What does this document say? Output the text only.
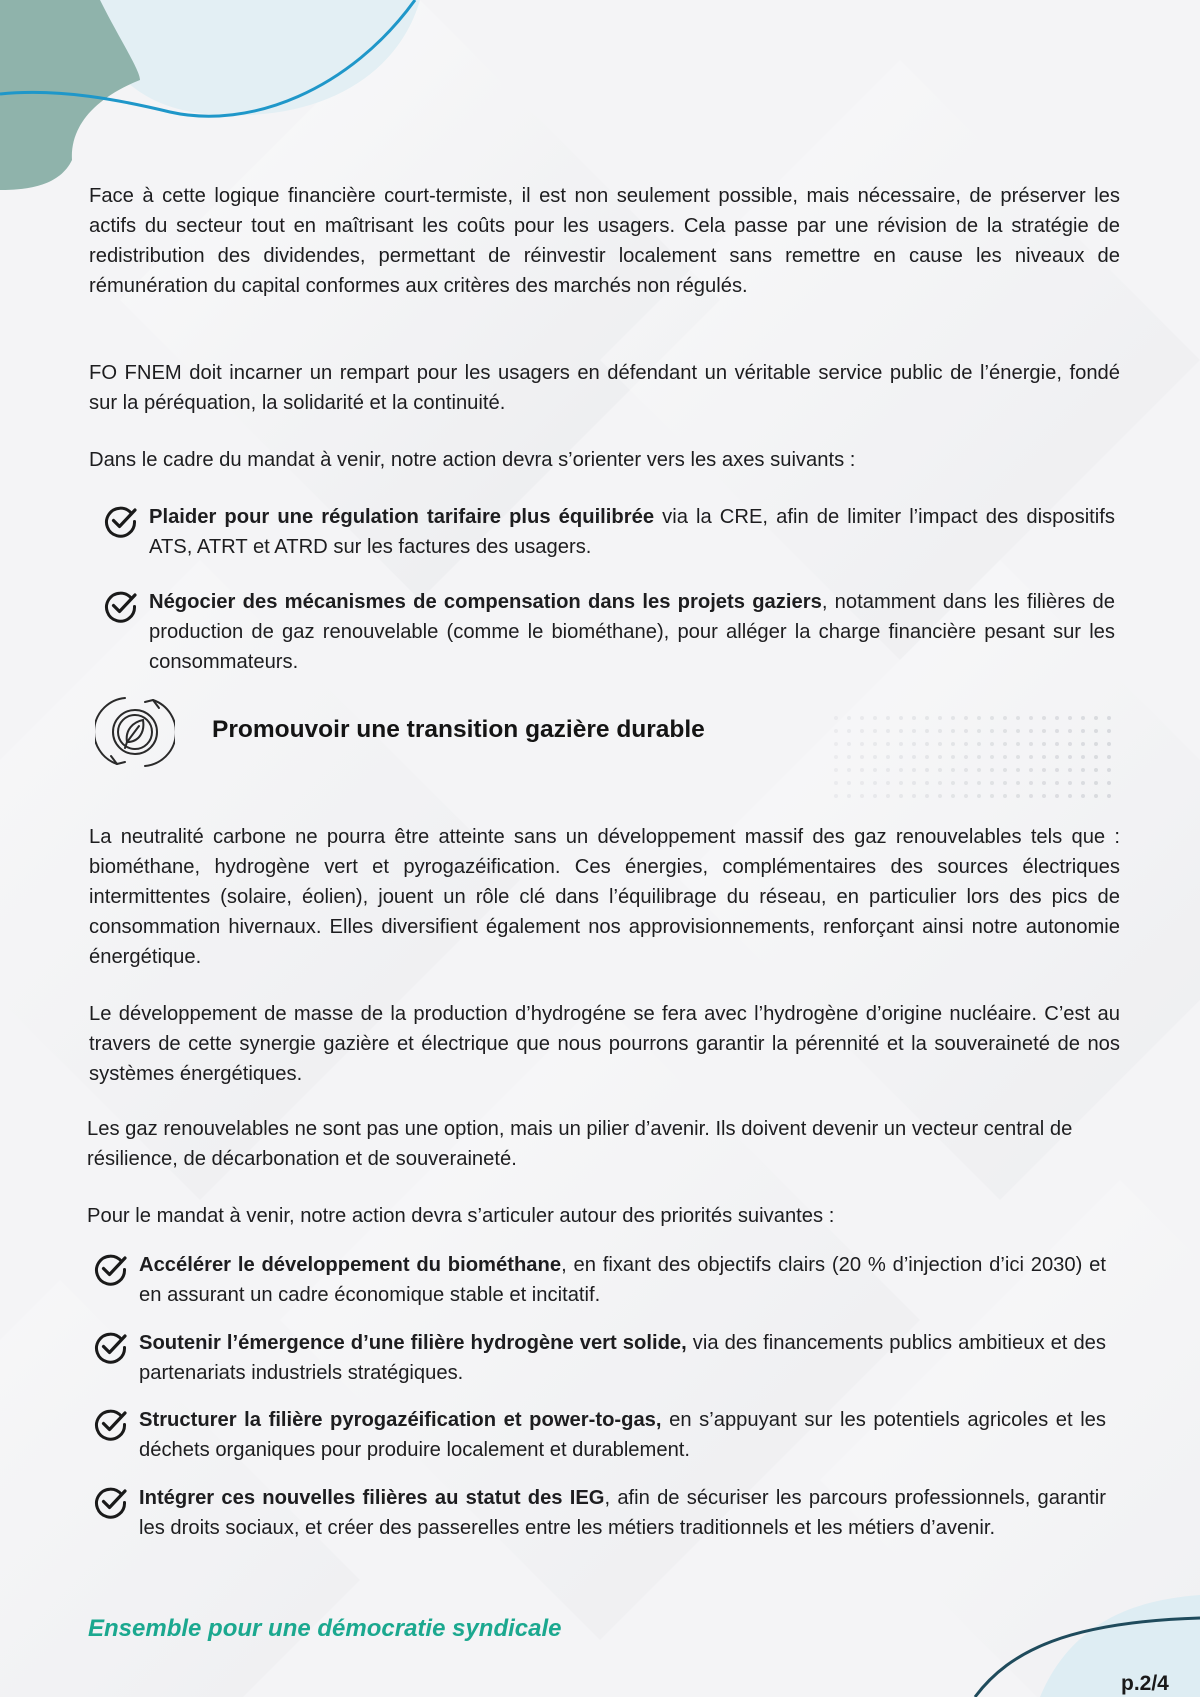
Face à cette logique financière court-termiste, il est non seulement possible, mais nécessaire, de préserver les actifs du secteur tout en maîtrisant les coûts pour les usagers. Cela passe par une révision de la stratégie de redistribution des dividendes, permettant de réinvestir localement sans remettre en cause les niveaux de rémunération du capital conformes aux critères des marchés non régulés.

FO FNEM doit incarner un rempart pour les usagers en défendant un véritable service public de l’énergie, fondé sur la péréquation, la solidarité et la continuité.

Dans le cadre du mandat à venir, notre action devra s’orienter vers les axes suivants :

Plaider pour une régulation tarifaire plus équilibrée via la CRE, afin de limiter l’impact des dispositifs ATS, ATRT et ATRD sur les factures des usagers.

Négocier des mécanismes de compensation dans les projets gaziers, notamment dans les filières de production de gaz renouvelable (comme le biométhane), pour alléger la charge financière pesant sur les consommateurs.

Promouvoir une transition gazière durable

La neutralité carbone ne pourra être atteinte sans un développement massif des gaz renouvelables tels que : biométhane, hydrogène vert et pyrogazéification. Ces énergies, complémentaires des sources électriques intermittentes (solaire, éolien), jouent un rôle clé dans l’équilibrage du réseau, en particulier lors des pics de consommation hivernaux. Elles diversifient également nos approvisionnements, renforçant ainsi notre autonomie énergétique.

Le développement de masse de la production d’hydrogéne se fera avec l’hydrogène d’origine nucléaire. C’est au travers de cette synergie gazière et électrique que nous pourrons garantir la pérennité et la souveraineté de nos systèmes énergétiques.

Les gaz renouvelables ne sont pas une option, mais un pilier d’avenir. Ils doivent devenir un vecteur central de résilience, de décarbonation et de souveraineté.

Pour le mandat à venir, notre action devra s’articuler autour des priorités suivantes :

Accélérer le développement du biométhane, en fixant des objectifs clairs (20 % d’injection d’ici 2030) et en assurant un cadre économique stable et incitatif.

Soutenir l’émergence d’une filière hydrogène vert solide, via des financements publics ambitieux et des partenariats industriels stratégiques.

Structurer la filière pyrogazéification et power-to-gas, en s’appuyant sur les potentiels agricoles et les déchets organiques pour produire localement et durablement.

Intégrer ces nouvelles filières au statut des IEG, afin de sécuriser les parcours professionnels, garantir les droits sociaux, et créer des passerelles entre les métiers traditionnels et les métiers d’avenir.

Ensemble pour une démocratie syndicale

p.2/4
